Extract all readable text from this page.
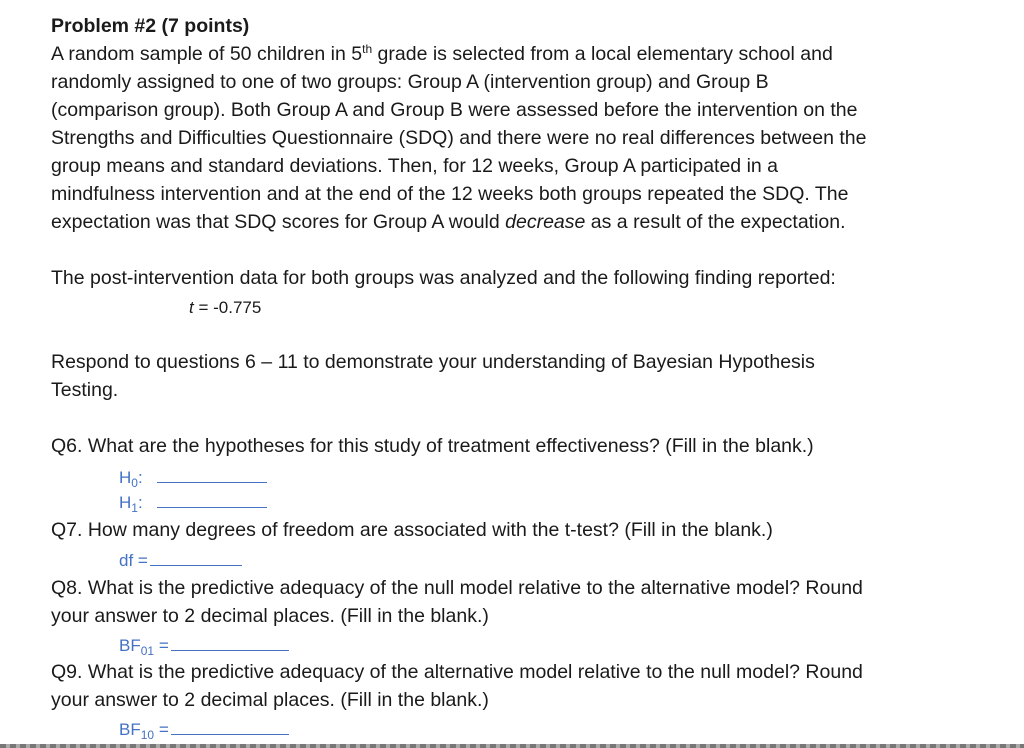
Problem #2 (7 points)
A random sample of 50 children in 5th grade is selected from a local elementary school and
randomly assigned to one of two groups: Group A (intervention group) and Group B
(comparison group). Both Group A and Group B were assessed before the intervention on the
Strengths and Difficulties Questionnaire (SDQ) and there were no real differences between the
group means and standard deviations. Then, for 12 weeks, Group A participated in a
mindfulness intervention and at the end of the 12 weeks both groups repeated the SDQ. The
expectation was that SDQ scores for Group A would decrease as a result of the expectation.
The post-intervention data for both groups was analyzed and the following finding reported:
t = -0.775
Respond to questions 6 – 11 to demonstrate your understanding of Bayesian Hypothesis
Testing.
Q6. What are the hypotheses for this study of treatment effectiveness? (Fill in the blank.)
$H_0$:
$H_1$:
Q7. How many degrees of freedom are associated with the t-test? (Fill in the blank.)
df =
Q8. What is the predictive adequacy of the null model relative to the alternative model? Round
your answer to 2 decimal places. (Fill in the blank.)
$BF_{01}$ =
Q9. What is the predictive adequacy of the alternative model relative to the null model? Round
your answer to 2 decimal places. (Fill in the blank.)
$BF_{10}$ =
